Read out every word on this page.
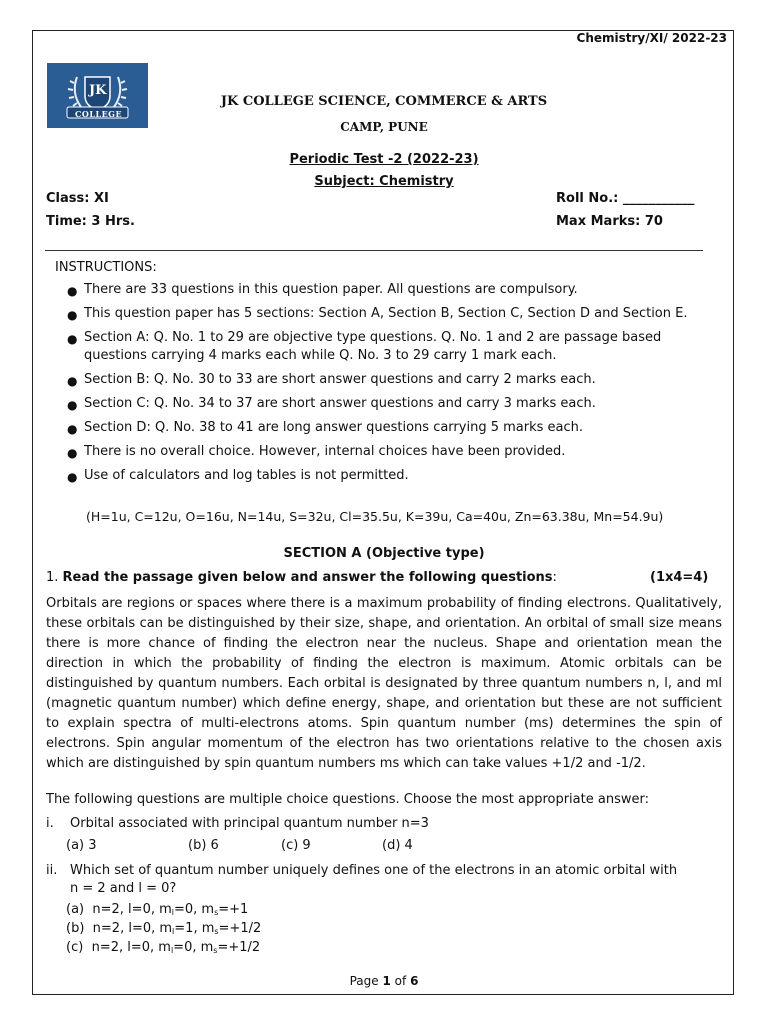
Chemistry/XI/ 2022-23
JK
COLLEGE
JK COLLEGE SCIENCE, COMMERCE & ARTS
CAMP, PUNE
Periodic Test -2 (2022-23)
Subject: Chemistry
Class: XI	Roll No.: ___________
Time: 3 Hrs.	Max Marks: 70
INSTRUCTIONS:
● There are 33 questions in this question paper. All questions are compulsory.
● This question paper has 5 sections: Section A, Section B, Section C, Section D and Section E.
● Section A: Q. No. 1 to 29 are objective type questions. Q. No. 1 and 2 are passage based questions carrying 4 marks each while Q. No. 3 to 29 carry 1 mark each.
● Section B: Q. No. 30 to 33 are short answer questions and carry 2 marks each.
● Section C: Q. No. 34 to 37 are short answer questions and carry 3 marks each.
● Section D: Q. No. 38 to 41 are long answer questions carrying 5 marks each.
● There is no overall choice. However, internal choices have been provided.
● Use of calculators and log tables is not permitted.
(H=1u, C=12u, O=16u, N=14u, S=32u, Cl=35.5u, K=39u, Ca=40u, Zn=63.38u, Mn=54.9u)
SECTION A (Objective type)
1. Read the passage given below and answer the following questions:	(1x4=4)
Orbitals are regions or spaces where there is a maximum probability of finding electrons. Qualitatively, these orbitals can be distinguished by their size, shape, and orientation. An orbital of small size means there is more chance of finding the electron near the nucleus. Shape and orientation mean the direction in which the probability of finding the electron is maximum. Atomic orbitals can be distinguished by quantum numbers. Each orbital is designated by three quantum numbers n, l, and ml (magnetic quantum number) which define energy, shape, and orientation but these are not sufficient to explain spectra of multi-electrons atoms. Spin quantum number (ms) determines the spin of electrons. Spin angular momentum of the electron has two orientations relative to the chosen axis which are distinguished by spin quantum numbers ms which can take values +1/2 and -1/2.
The following questions are multiple choice questions. Choose the most appropriate answer:
i. Orbital associated with principal quantum number n=3
(a) 3	(b) 6	(c) 9	(d) 4
ii. Which set of quantum number uniquely defines one of the electrons in an atomic orbital with
n = 2 and l = 0?
(a) n=2, l=0, $m_l=0$, $m_s=+1$
(b) n=2, l=0, $m_l=1$, $m_s=+1/2$
(c) n=2, l=0, $m_l=0$, $m_s=+1/2$
Page 1 of 6
